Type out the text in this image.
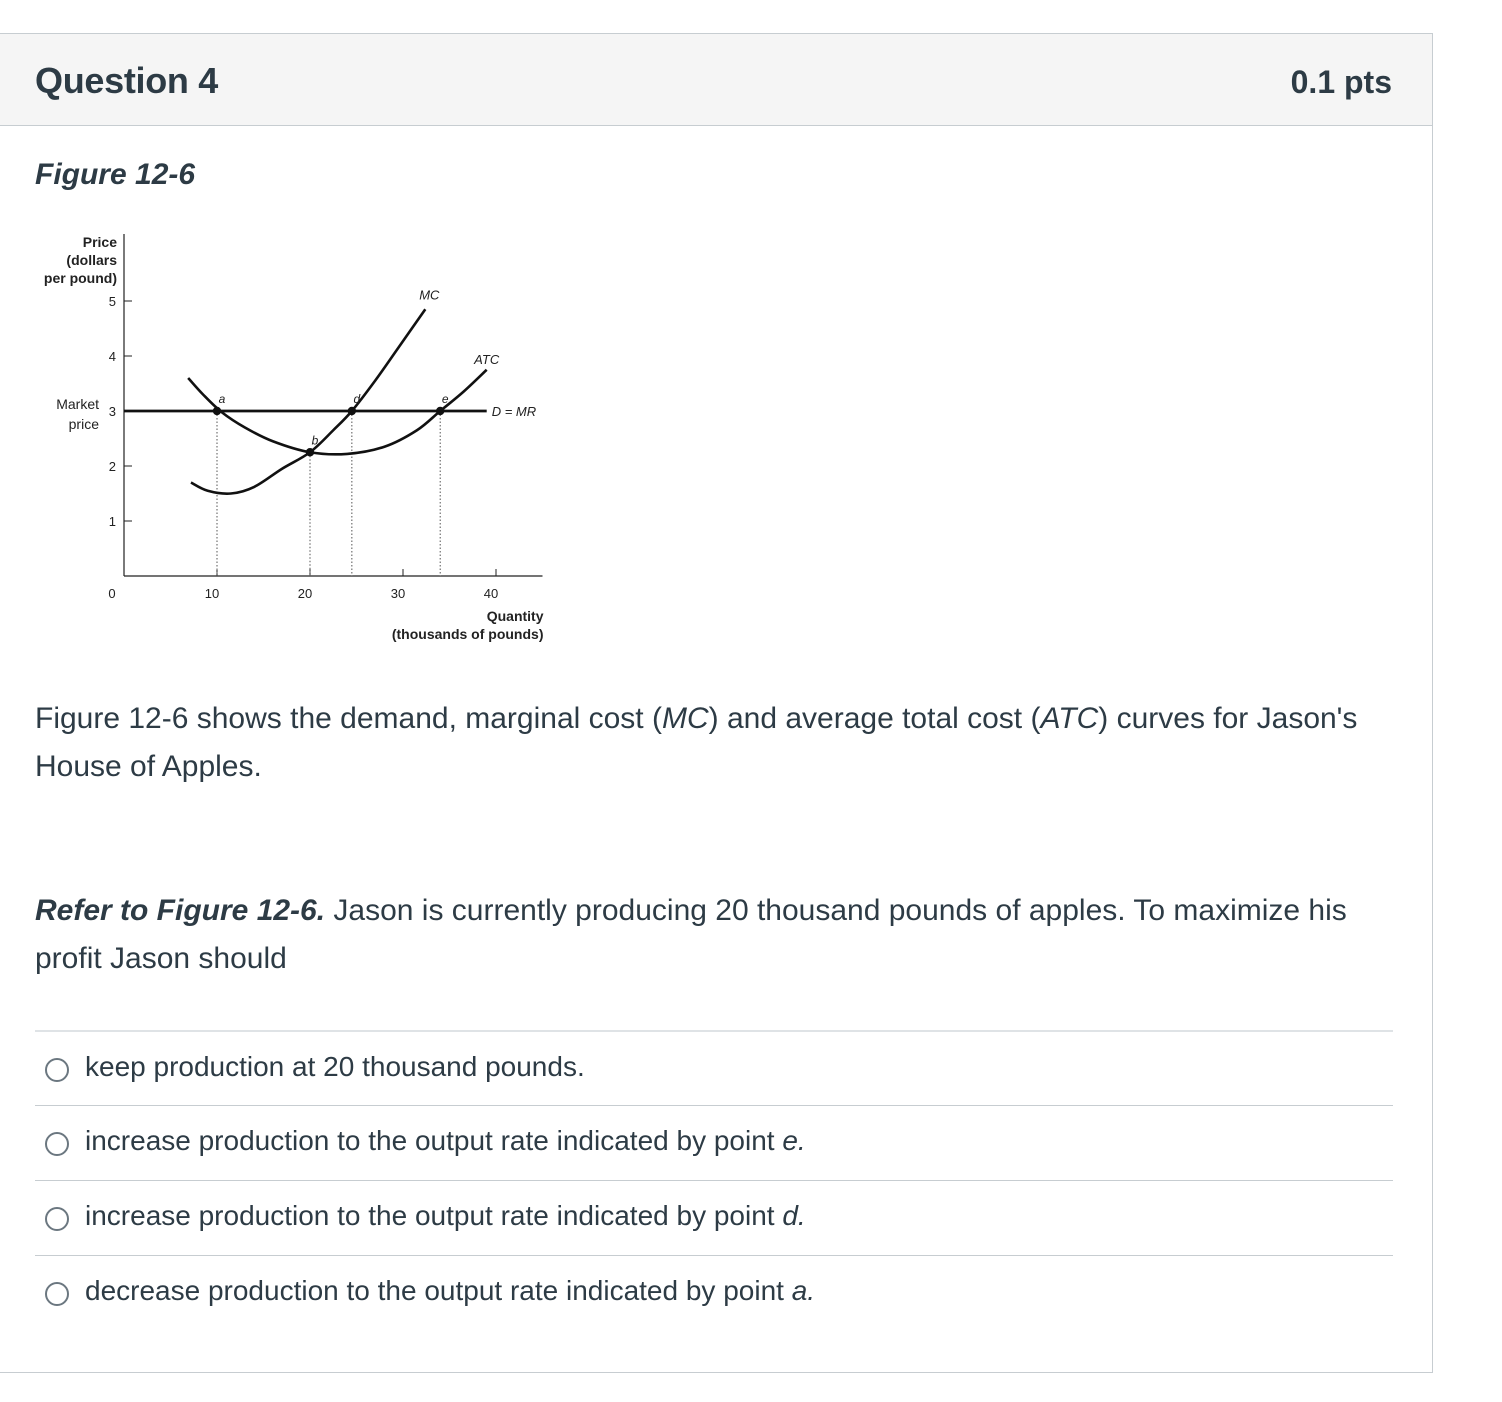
Question 4	0.1 pts
Figure 12-6
Price
(dollars
per pound)
1
2
3
4
5
Market
price
0	10	20	30	40
Quantity
(thousands of pounds)
MC
ATC
D = MR
a
b
d	e
Figure 12-6 shows the demand, marginal cost (MC) and average total cost (ATC) curves for Jason's House of Apples.
Refer to Figure 12-6. Jason is currently producing 20 thousand pounds of apples. To maximize his profit Jason should
keep production at 20 thousand pounds.
increase production to the output rate indicated by point e.
increase production to the output rate indicated by point d.
decrease production to the output rate indicated by point a.
